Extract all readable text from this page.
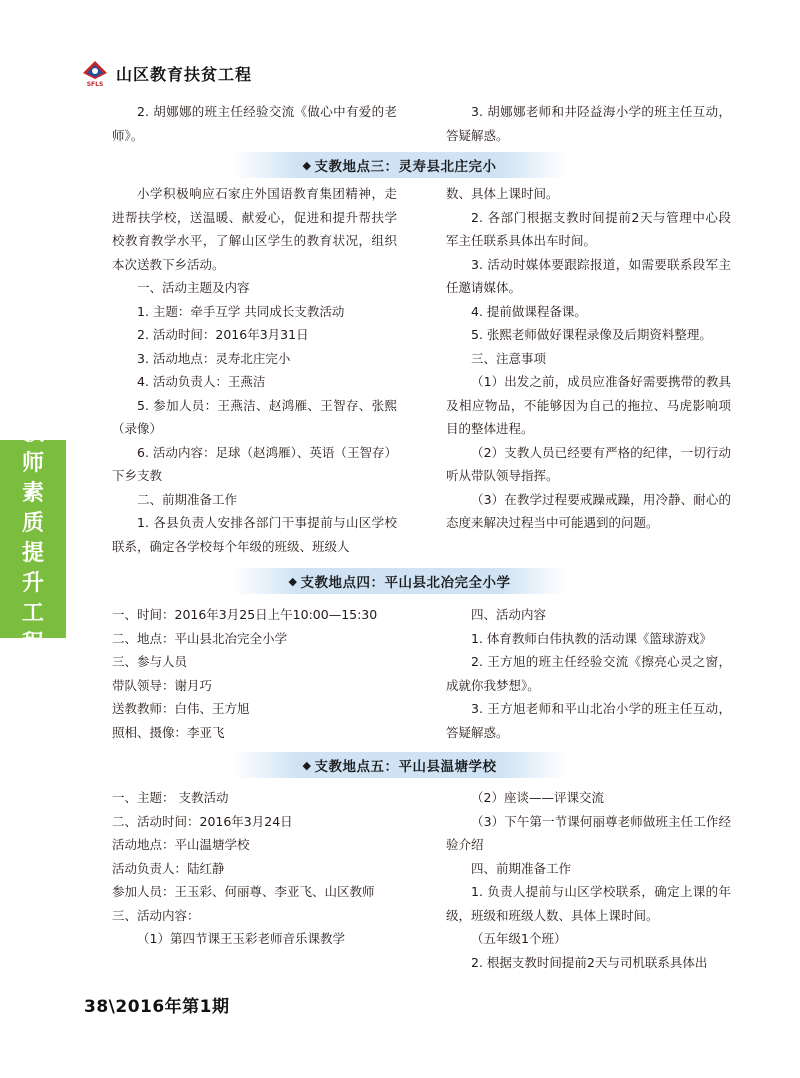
SFLS
山区教育扶贫工程
教
师
素
质
提
升
工
程

2. 胡娜娜的班主任经验交流《做心中有爱的老师》。

3. 胡娜娜老师和井陉益海小学的班主任互动，答疑解惑。

◆ 支教地点三：灵寿县北庄完小

小学积极响应石家庄外国语教育集团精神，走进帮扶学校，送温暖、献爱心，促进和提升帮扶学校教育教学水平，了解山区学生的教育状况，组织本次送教下乡活动。

一、活动主题及内容

1. 主题：牵手互学 共同成长支教活动

2. 活动时间：2016年3月31日

3. 活动地点：灵寿北庄完小

4. 活动负责人：王燕洁

5. 参加人员：王燕洁、赵鸿雁、王智存、张熙（录像）

6. 活动内容：足球（赵鸿雁）、英语（王智存）下乡支教

二、前期准备工作

1. 各县负责人安排各部门干事提前与山区学校联系，确定各学校每个年级的班级、班级人

数、具体上课时间。

2. 各部门根据支教时间提前2天与管理中心段军主任联系具体出车时间。

3. 活动时媒体要跟踪报道，如需要联系段军主任邀请媒体。

4. 提前做课程备课。

5. 张熙老师做好课程录像及后期资料整理。

三、注意事项

（1）出发之前，成员应准备好需要携带的教具及相应物品，不能够因为自己的拖拉、马虎影响项目的整体进程。

（2）支教人员已经要有严格的纪律，一切行动听从带队领导指挥。

（3）在教学过程要戒躁戒躁，用冷静、耐心的态度来解决过程当中可能遇到的问题。

◆ 支教地点四：平山县北冶完全小学

一、时间：2016年3月25日上午10:00—15:30

二、地点：平山县北冶完全小学

三、参与人员

带队领导：谢月巧

送教教师：白伟、王方旭

照相、摄像：李亚飞

四、活动内容

1. 体育教师白伟执教的活动课《篮球游戏》

2. 王方旭的班主任经验交流《擦亮心灵之窗，成就你我梦想》。

3. 王方旭老师和平山北冶小学的班主任互动，答疑解惑。

◆ 支教地点五：平山县温塘学校

一、主题： 支教活动

二、活动时间：2016年3月24日

活动地点：平山温塘学校

活动负责人：陆红静

参加人员：王玉彩、何丽尊、李亚飞、山区教师

三、活动内容：

（1）第四节课王玉彩老师音乐课教学

（2）座谈——评课交流

（3）下午第一节课何丽尊老师做班主任工作经验介绍

四、前期准备工作

1. 负责人提前与山区学校联系，确定上课的年级，班级和班级人数、具体上课时间。

（五年级1个班）

2. 根据支教时间提前2天与司机联系具体出

38\2016年第1期
